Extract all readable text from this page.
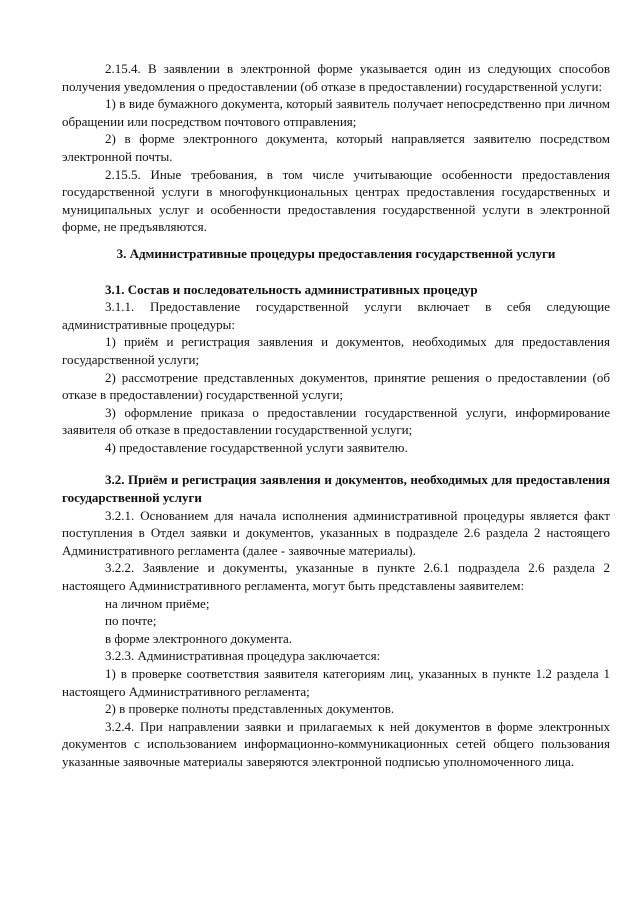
2.15.4. В заявлении в электронной форме указывается один из следующих способов получения уведомления о предоставлении (об отказе в предоставлении) государственной услуги:

1) в виде бумажного документа, который заявитель получает непосредственно при личном обращении или посредством почтового отправления;

2) в форме электронного документа, который направляется заявителю посредством электронной почты.

2.15.5. Иные требования, в том числе учитывающие особенности предоставления государственной услуги в многофункциональных центрах предоставления государственных и муниципальных услуг и особенности предоставления государственной услуги в электронной форме, не предъявляются.

3. Административные процедуры предоставления государственной услуги

3.1. Состав и последовательность административных процедур

3.1.1. Предоставление государственной услуги включает в себя следующие административные процедуры:

1) приём и регистрация заявления и документов, необходимых для предоставления государственной услуги;

2) рассмотрение представленных документов, принятие решения о предоставлении (об отказе в предоставлении) государственной услуги;

3) оформление приказа о предоставлении государственной услуги, информирование заявителя об отказе в предоставлении государственной услуги;

4) предоставление государственной услуги заявителю.

3.2. Приём и регистрация заявления и документов, необходимых для предоставления государственной услуги

3.2.1. Основанием для начала исполнения административной процедуры является факт поступления в Отдел заявки и документов, указанных в подразделе 2.6 раздела 2 настоящего Административного регламента (далее - заявочные материалы).

3.2.2. Заявление и документы, указанные в пункте 2.6.1 подраздела 2.6 раздела 2 настоящего Административного регламента, могут быть представлены заявителем:

на личном приёме;

по почте;

в форме электронного документа.

3.2.3. Административная процедура заключается:

1) в проверке соответствия заявителя категориям лиц, указанных в пункте 1.2 раздела 1 настоящего Административного регламента;

2) в проверке полноты представленных документов.

3.2.4. При направлении заявки и прилагаемых к ней документов в форме электронных документов с использованием информационно-коммуникационных сетей общего пользования указанные заявочные материалы заверяются электронной подписью уполномоченного лица.
